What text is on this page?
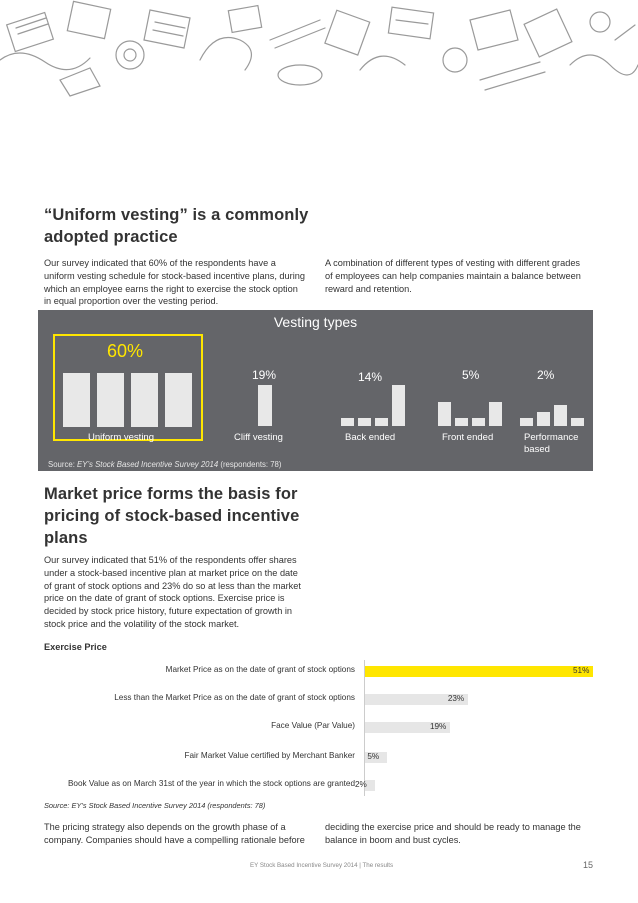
“Uniform vesting” is a commonly
adopted practice
Our survey indicated that 60% of the respondents have a
uniform vesting schedule for stock-based incentive plans, during
which an employee earns the right to exercise the stock option
in equal proportion over the vesting period.
A combination of different types of vesting with different grades
of employees can help companies maintain a balance between
reward and retention.
Vesting types
60%
Uniform vesting
19%
Cliff vesting
14%
Back ended
5%
Front ended
2%
Performance
based
Source: EY’s Stock Based Incentive Survey 2014 (respondents: 78)
Market price forms the basis for
pricing of stock-based incentive
plans
Our survey indicated that 51% of the respondents offer shares
under a stock-based incentive plan at market price on the date
of grant of stock options and 23% do so at less than the market
price on the date of grant of stock options. Exercise price is
decided by stock price history, future expectation of growth in
stock price and the volatility of the stock market.
Exercise Price
Market Price as on the date of grant of stock options	51%
Less than the Market Price as on the date of grant of stock options	23%
Face Value (Par Value)	19%
Fair Market Value certified by Merchant Banker 5%
Book Value as on March 31st of the year in which the stock options are granted 2%
Source: EY’s Stock Based Incentive Survey 2014 (respondents: 78)
The pricing strategy also depends on the growth phase of a
company. Companies should have a compelling rationale before
deciding the exercise price and should be ready to manage the
balance in boom and bust cycles.
EY Stock Based Incentive Survey 2014 | The results	15
